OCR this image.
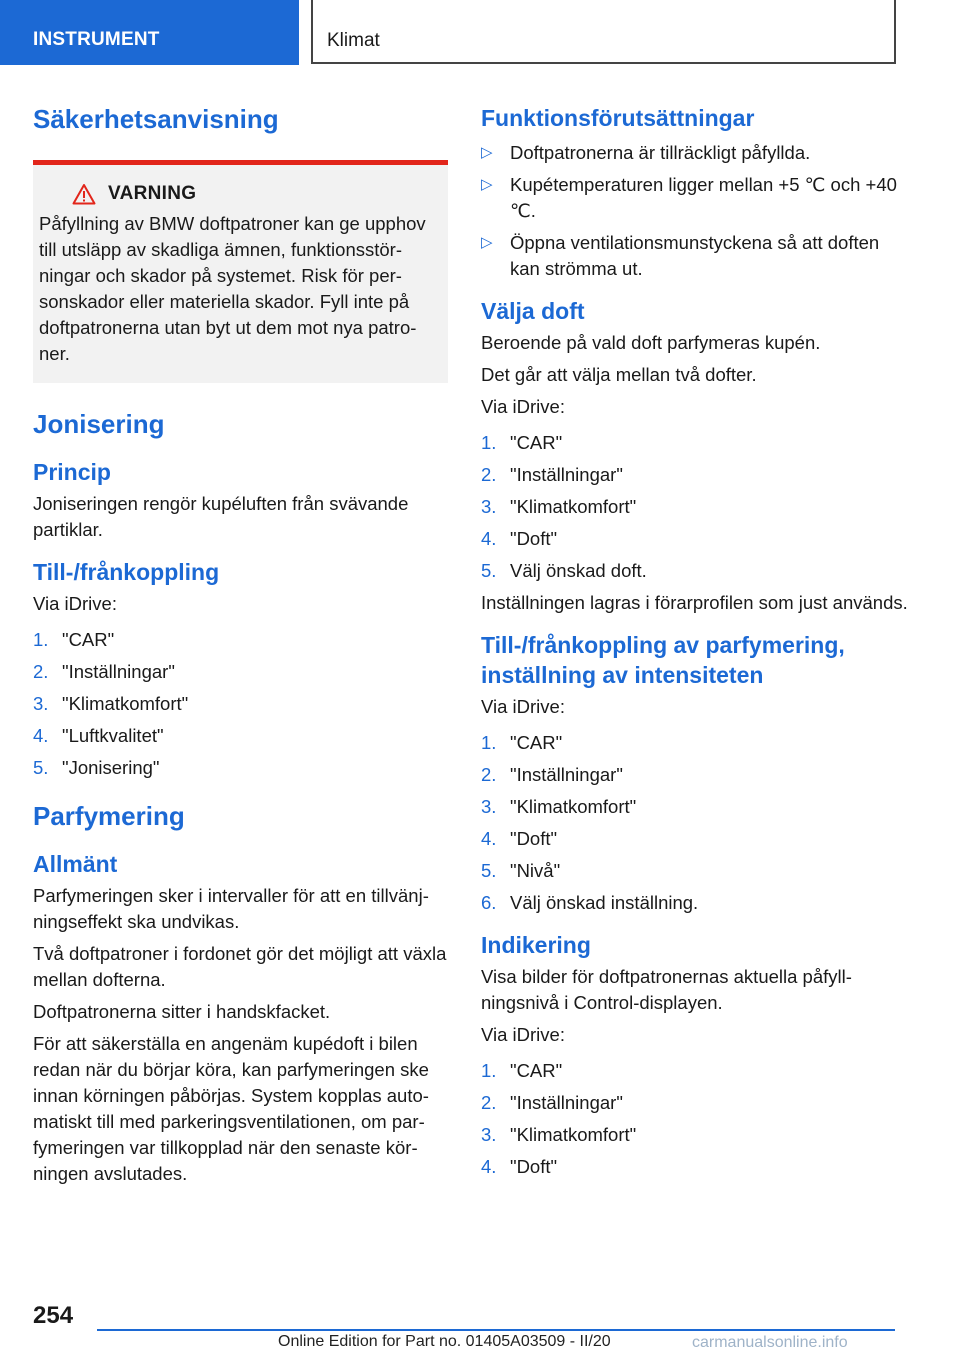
INSTRUMENT	Klimat
Säkerhetsanvisning
VARNING
Påfyllning av BMW doftpatroner kan ge upphov till utsläpp av skadliga ämnen, funktionsstörningar och skador på systemet. Risk för personskador eller materiella skador. Fyll inte på doftpatronerna utan byt ut dem mot nya patroner.
Jonisering
Princip

Joniseringen rengör kupéluften från svävande partiklar.

Till-/frånkoppling

Via iDrive:

1. "CAR"
2. "Inställningar"
3. "Klimatkomfort"
4. "Luftkvalitet"
5. "Jonisering"
Parfymering
Allmänt

Parfymeringen sker i intervaller för att en tillvänjningseffekt ska undvikas.

Två doftpatroner i fordonet gör det möjligt att växla mellan dofterna.

Doftpatronerna sitter i handskfacket.

För att säkerställa en angenäm kupédoft i bilen redan när du börjar köra, kan parfymeringen ske innan körningen påbörjas. System kopplas automatiskt till med parkeringsventilationen, om parfymeringen var tillkopplad när den senaste körningen avslutades.

Funktionsförutsättningar
▷ Doftpatronerna är tillräckligt påfyllda.
▷ Kupétemperaturen ligger mellan +5 ℃ och +40 ℃.
▷ Öppna ventilationsmunstyckena så att doften kan strömma ut.
Välja doft

Beroende på vald doft parfymeras kupén.

Det går att välja mellan två dofter.

Via iDrive:

1. "CAR"
2. "Inställningar"
3. "Klimatkomfort"
4. "Doft"
5. Välj önskad doft.

Inställningen lagras i förarprofilen som just används.

Till-/frånkoppling av parfymering, inställning av intensiteten

Via iDrive:

1. "CAR"
2. "Inställningar"
3. "Klimatkomfort"
4. "Doft"
5. "Nivå"
6. Välj önskad inställning.
Indikering

Visa bilder för doftpatronernas aktuella påfyllningsnivå i Control-displayen.

Via iDrive:

1. "CAR"
2. "Inställningar"
3. "Klimatkomfort"
4. "Doft"
254
Online Edition for Part no. 01405A03509 - II/20	carmanualsonline.info
